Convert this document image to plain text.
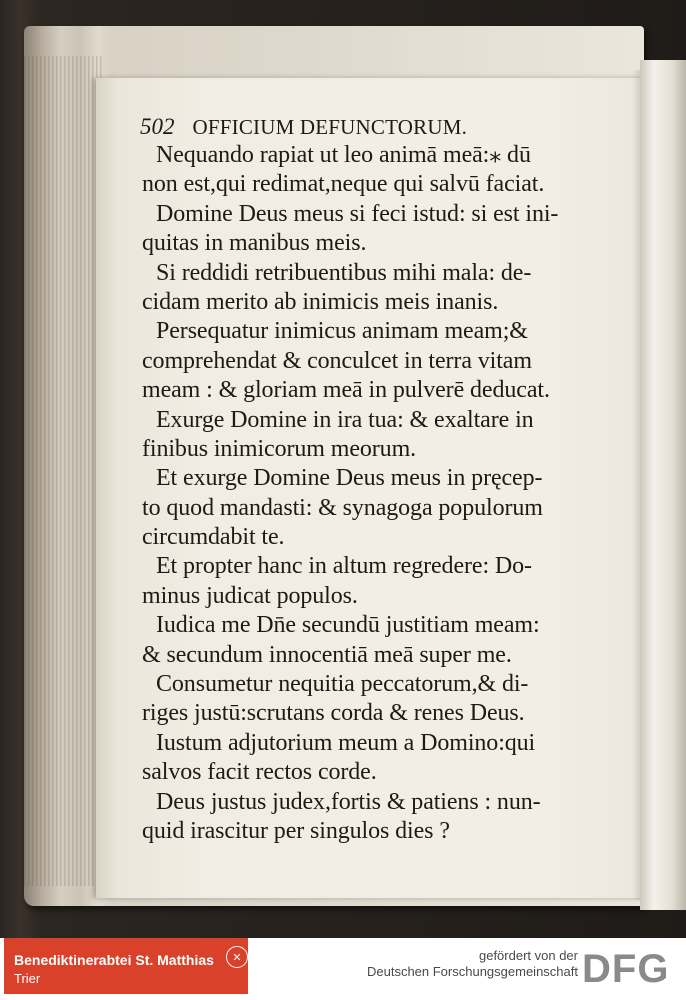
502 OFFICIUM DEFUNCTORUM.
Nequando rapiat ut leo animā meā:⁎ dū
non est,qui redimat,neque qui salvū faciat.
Domine Deus meus si feci istud: si est ini-
quitas in manibus meis.
Si reddidi retribuentibus mihi mala: de-
cidam merito ab inimicis meis inanis.
Persequatur inimicus animam meam;&
comprehendat & conculcet in terra vitam
meam : & gloriam meā in pulverē deducat.
Exurge Domine in ira tua: & exaltare in
finibus inimicorum meorum.
Et exurge Domine Deus meus in pręcep-
to quod mandasti: & synagoga populorum
circumdabit te.
Et propter hanc in altum regredere: Do-
minus judicat populos.
Iudica me Dn̄e secundū justitiam meam:
& secundum innocentiā meā super me.
Consumetur nequitia peccatorum,& di-
riges justū:scrutans corda & renes Deus.
Iustum adjutorium meum a Domino:qui
salvos facit rectos corde.
Deus justus judex,fortis & patiens : nun-
quid irascitur per singulos dies ?
Benediktinerabtei St. Matthias
Trier
✕	gefördert von der
Deutschen Forschungsgemeinschaft DFG
